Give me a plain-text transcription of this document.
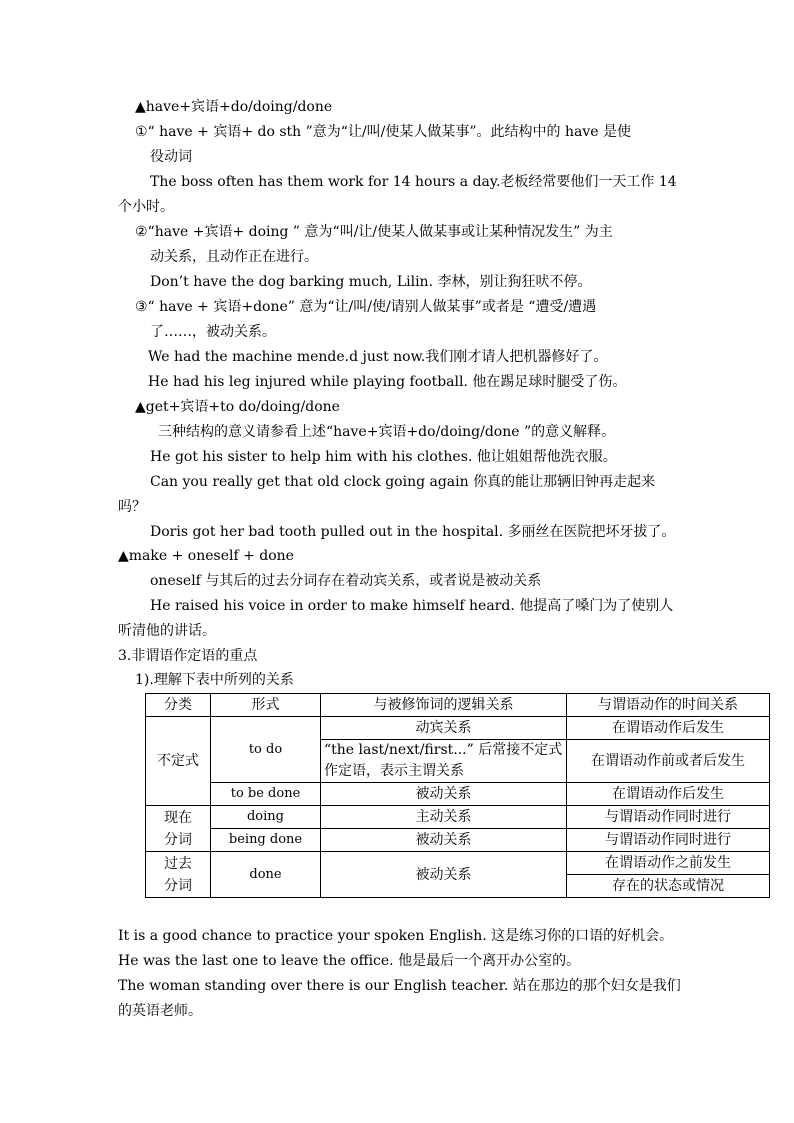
▲have+宾语+do/doing/done
①“ have + 宾语+ do sth ”意为“让/叫/使某人做某事”。此结构中的 have 是使
役动词
The boss often has them work for 14 hours a day.老板经常要他们一天工作 14
个小时。
②“have +宾语+ doing ” 意为“叫/让/使某人做某事或让某种情况发生” 为主
动关系，且动作正在进行。
Don’t have the dog barking much, Lilin. 李林，别让狗狂吠不停。
③“ have + 宾语+done” 意为“让/叫/使/请别人做某事”或者是 “遭受/遭遇
了……，被动关系。
We had the machine mende.d just now.我们刚才请人把机器修好了。
He had his leg injured while playing football. 他在踢足球时腿受了伤。
▲get+宾语+to do/doing/done
三种结构的意义请参看上述“have+宾语+do/doing/done ”的意义解释。
He got his sister to help him with his clothes. 他让姐姐帮他洗衣服。
Can you really get that old clock going again 你真的能让那辆旧钟再走起来
吗？
Doris got her bad tooth pulled out in the hospital. 多丽丝在医院把坏牙拔了。
▲make + oneself + done
oneself 与其后的过去分词存在着动宾关系，或者说是被动关系
He raised his voice in order to make himself heard. 他提高了嗓门为了使别人
听清他的讲话。
3.非谓语作定语的重点
1).理解下表中所列的关系
分类	形式	与被修饰词的逻辑关系	与谓语动作的时间关系
不定式	to do	动宾关系	在谓语动作后发生
		“the last/next/first...” 后常接不定式作定语，表示主谓关系	在谓语动作前或者后发生
	to be done	被动关系	在谓语动作后发生
现在
分词	doing	主动关系	与谓语动作同时进行
	being done	被动关系	与谓语动作同时进行
过去
分词	done	被动关系	在谓语动作之前发生
			存在的状态或情况
It is a good chance to practice your spoken English. 这是练习你的口语的好机会。
He was the last one to leave the office. 他是最后一个离开办公室的。
The woman standing over there is our English teacher. 站在那边的那个妇女是我们
的英语老师。
